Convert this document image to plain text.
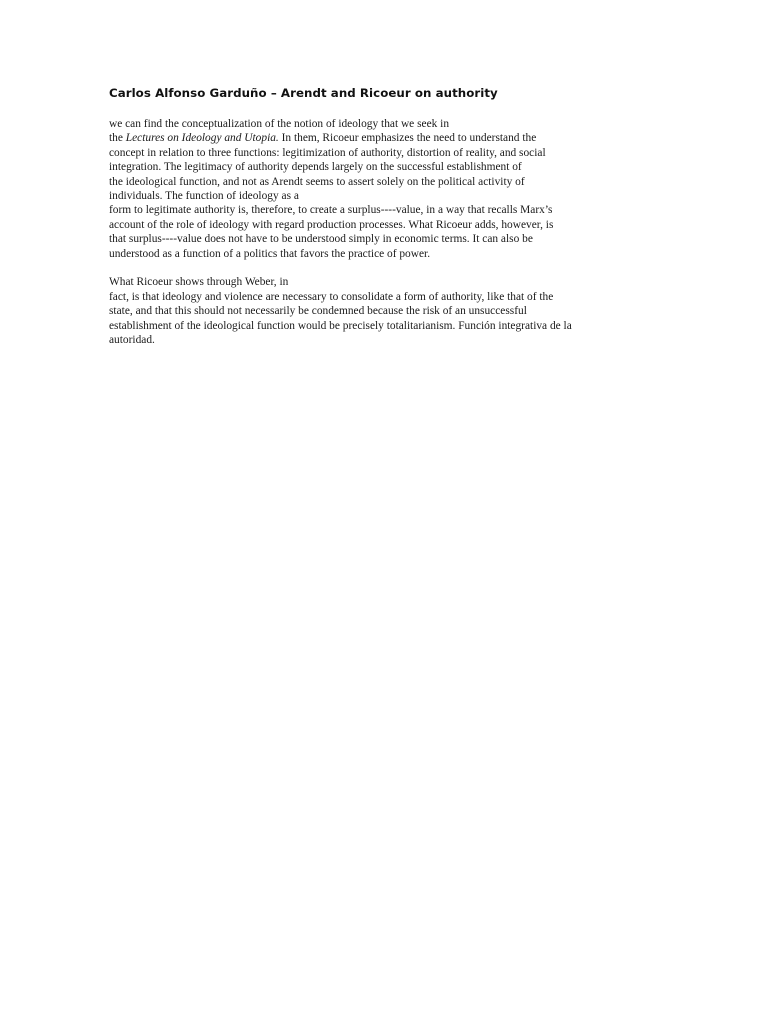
Carlos Alfonso Garduño – Arendt and Ricoeur on authority

we can find the conceptualization of the notion of ideology that we seek in
the Lectures on Ideology and Utopia. In them, Ricoeur emphasizes the need to understand the
concept in relation to three functions: legitimization of authority, distortion of reality, and social
integration. The legitimacy of authority depends largely on the successful establishment of
the ideological function, and not as Arendt seems to assert solely on the political activity of
individuals. The function of ideology as a
form to legitimate authority is, therefore, to create a surplus-‐-‐value, in a way that recalls Marx’s
account of the role of ideology with regard production processes. What Ricoeur adds, however, is
that surplus-‐-‐value does not have to be understood simply in economic terms. It can also be
understood as a function of a politics that favors the practice of power.

What Ricoeur shows through Weber, in
fact, is that ideology and violence are necessary to consolidate a form of authority, like that of the
state, and that this should not necessarily be condemned because the risk of an unsuccessful
establishment of the ideological function would be precisely totalitarianism. Función integrativa de la
autoridad.
